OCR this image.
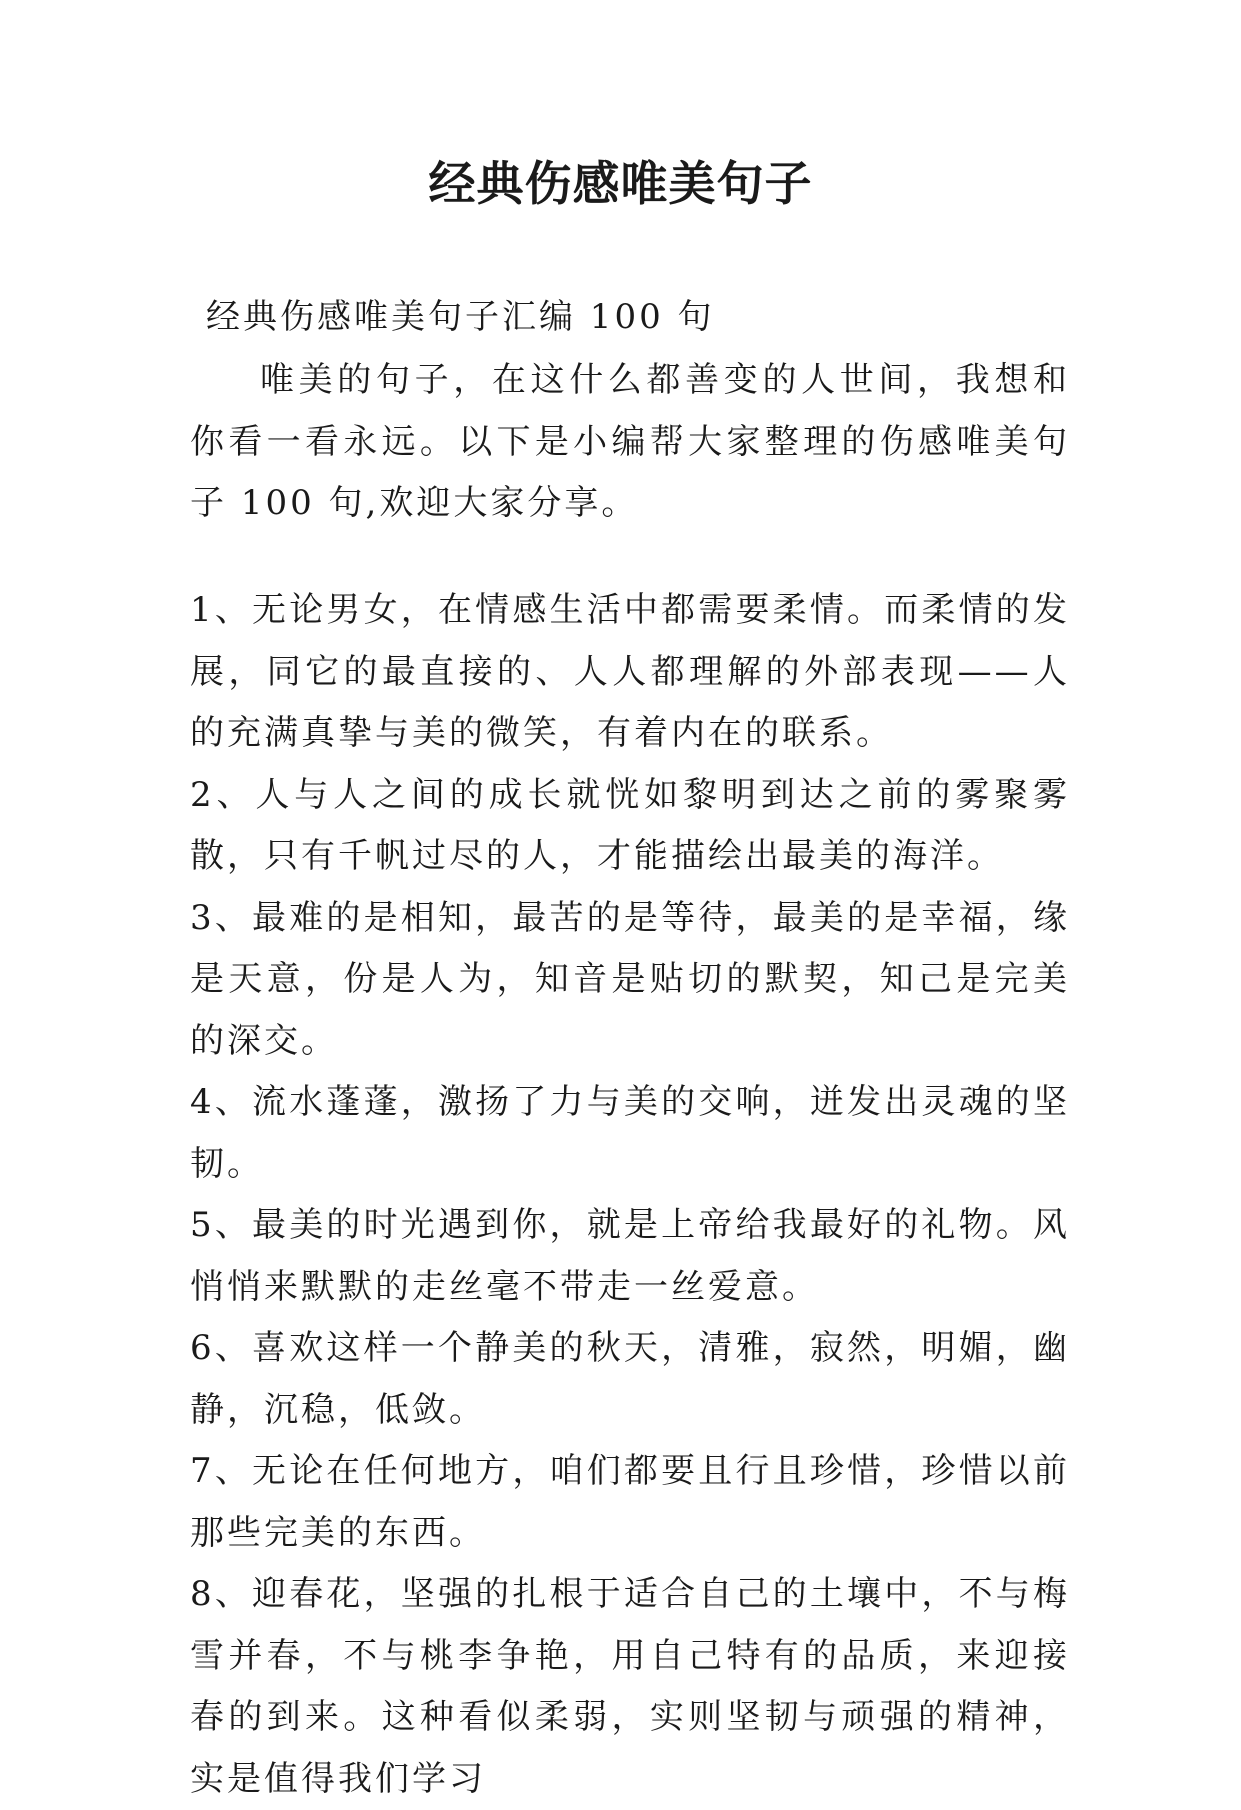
经典伤感唯美句子
经典伤感唯美句子汇编 100 句
唯美的句子，在这什么都善变的人世间，我想和你看一看永远。以下是小编帮大家整理的伤感唯美句子 100 句,欢迎大家分享。

1、无论男女，在情感生活中都需要柔情。而柔情的发展，同它的最直接的、人人都理解的外部表现——人的充满真挚与美的微笑，有着内在的联系。

2、人与人之间的成长就恍如黎明到达之前的雾聚雾散，只有千帆过尽的人，才能描绘出最美的海洋。

3、最难的是相知，最苦的是等待，最美的是幸福，缘是天意，份是人为，知音是贴切的默契，知己是完美的深交。

4、流水蓬蓬，激扬了力与美的交响，迸发出灵魂的坚韧。

5、最美的时光遇到你，就是上帝给我最好的礼物。风悄悄来默默的走丝毫不带走一丝爱意。

6、喜欢这样一个静美的秋天，清雅，寂然，明媚，幽静，沉稳，低敛。

7、无论在任何地方，咱们都要且行且珍惜，珍惜以前那些完美的东西。

8、迎春花，坚强的扎根于适合自己的土壤中，不与梅雪并春，不与桃李争艳，用自己特有的品质，来迎接春的到来。这种看似柔弱，实则坚韧与顽强的精神，实是值得我们学习
